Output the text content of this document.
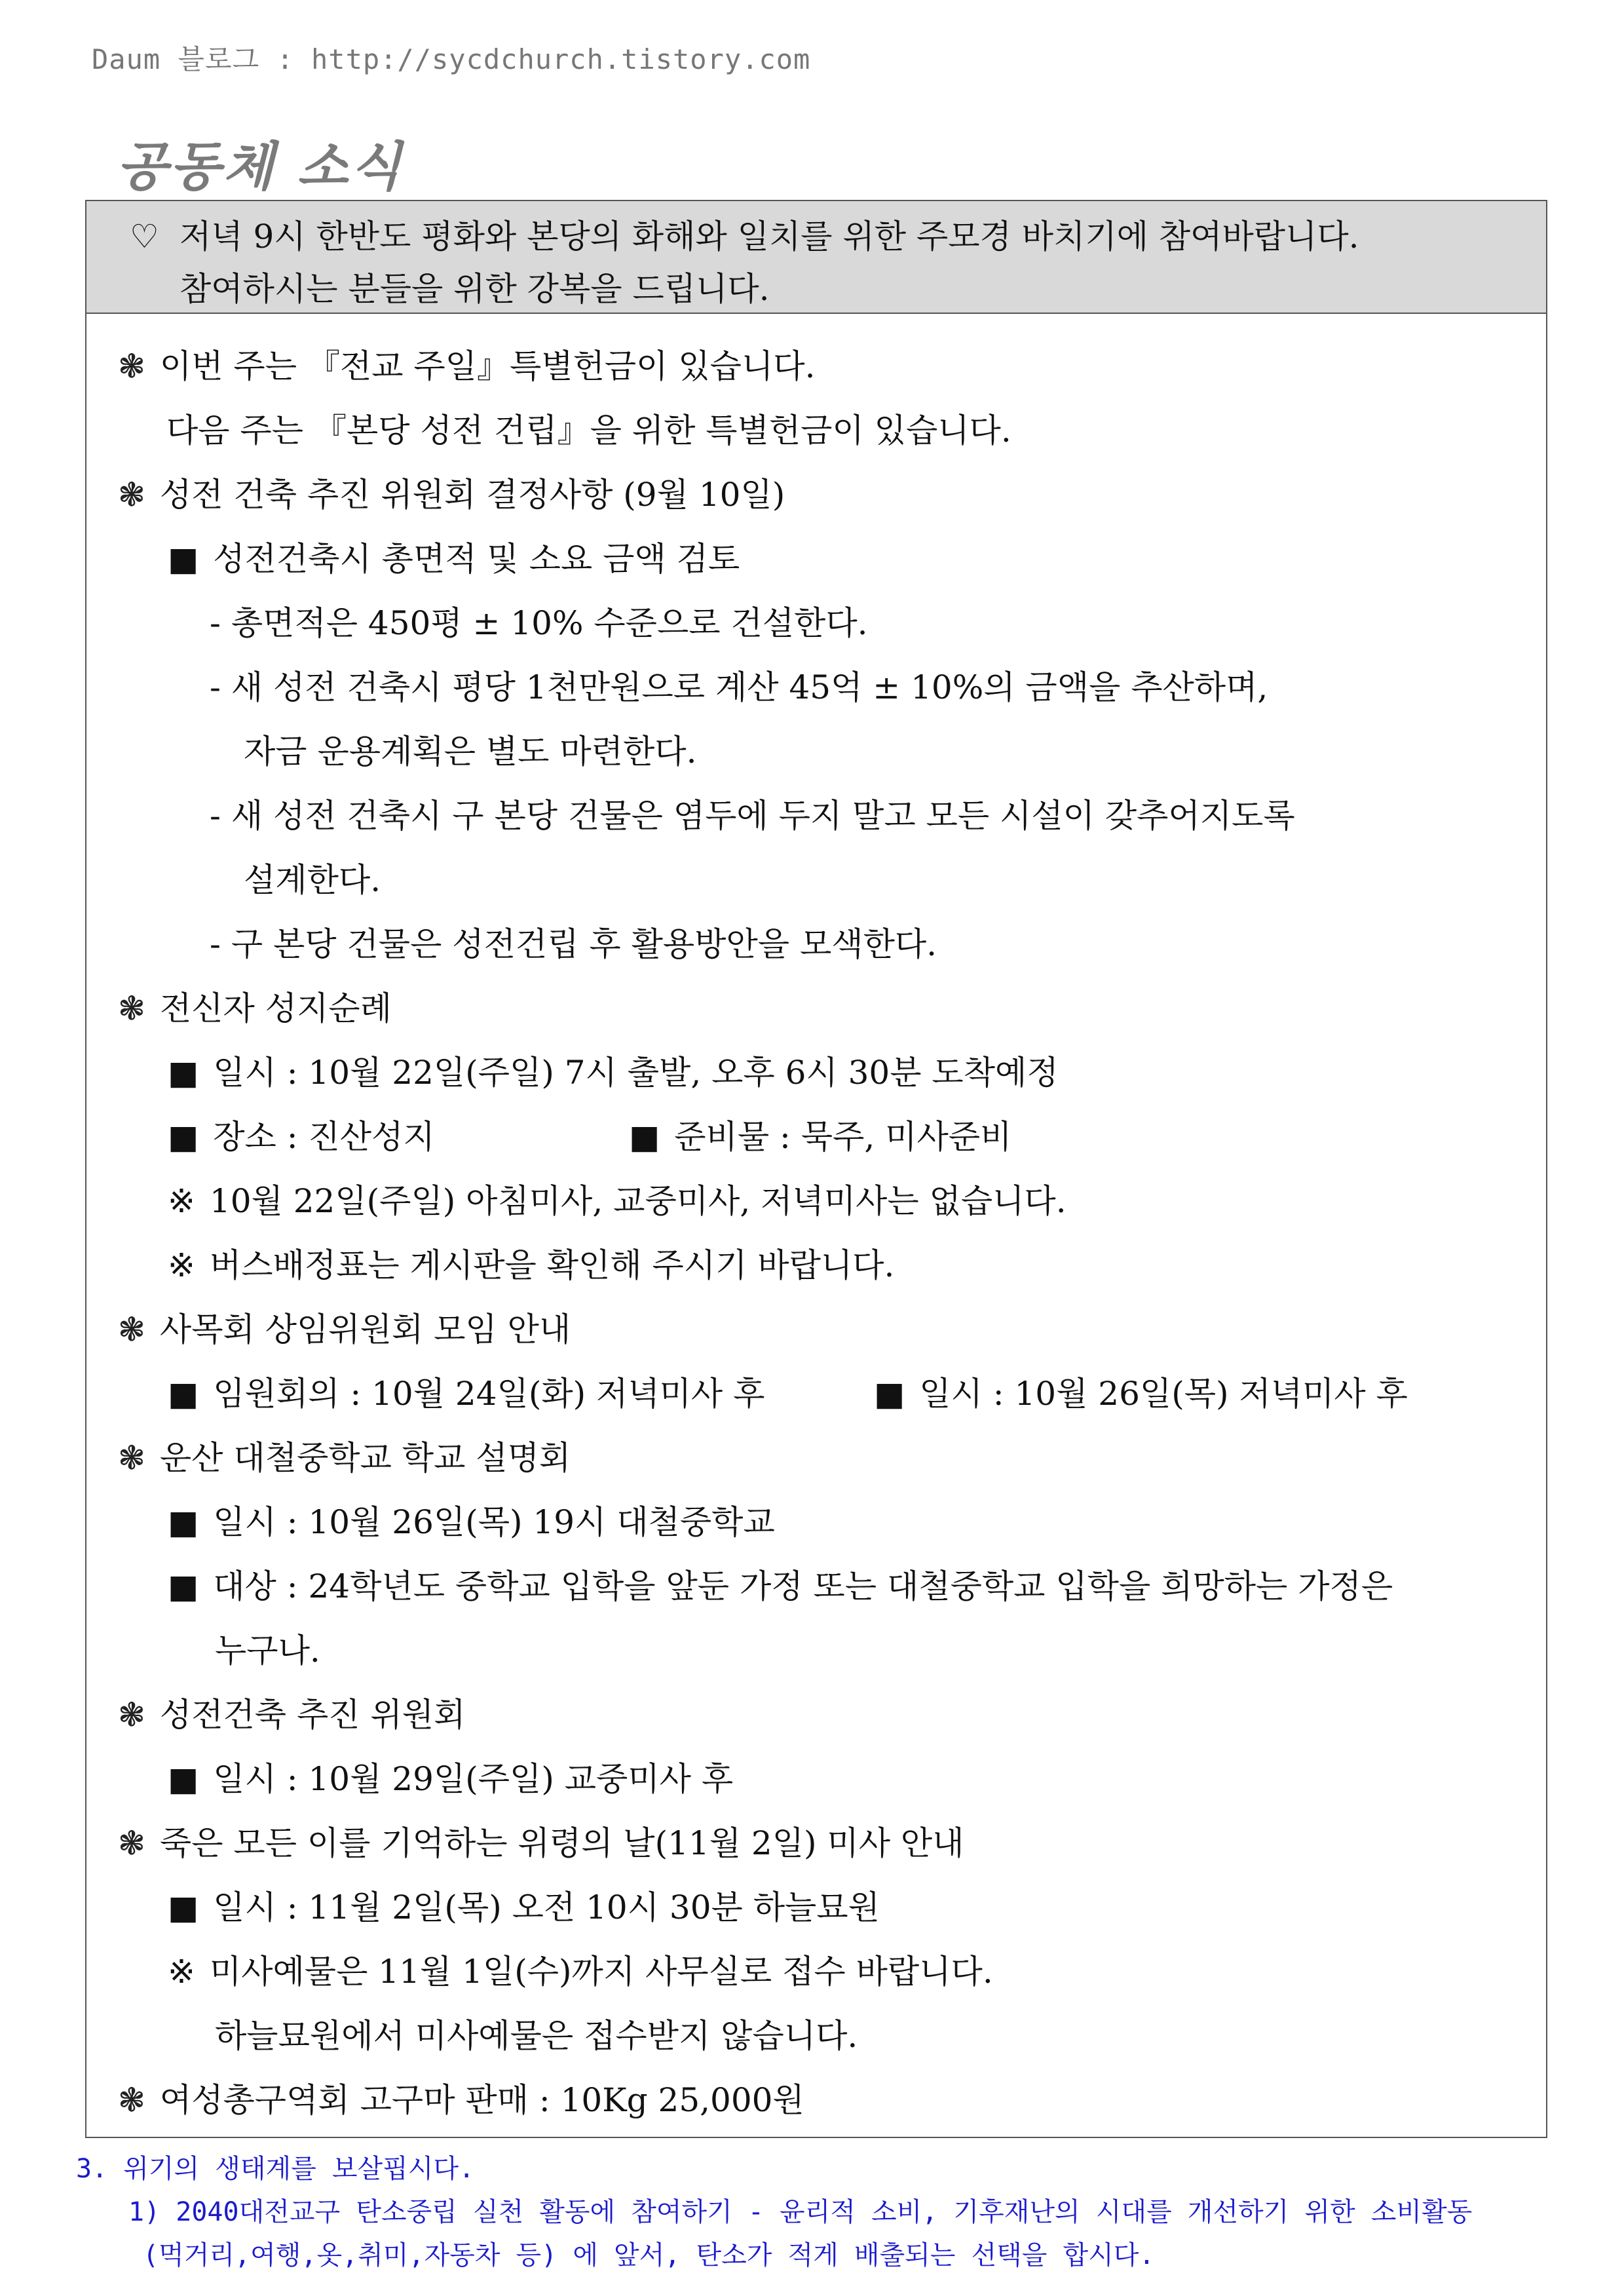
Daum 블로그 : http://sycdchurch.tistory.com
공동체 소식
♡ 저녁 9시 한반도 평화와 본당의 화해와 일치를 위한 주모경 바치기에 참여바랍니다.
참여하시는 분들을 위한 강복을 드립니다.
❃ 이번 주는 『전교 주일』특별헌금이 있습니다.
다음 주는 『본당 성전 건립』을 위한 특별헌금이 있습니다.
❃ 성전 건축 추진 위원회 결정사항 (9월 10일)
■ 성전건축시 총면적 및 소요 금액 검토
- 총면적은 450평 ± 10% 수준으로 건설한다.
- 새 성전 건축시 평당 1천만원으로 계산 45억 ± 10%의 금액을 추산하며,
자금 운용계획은 별도 마련한다.
- 새 성전 건축시 구 본당 건물은 염두에 두지 말고 모든 시설이 갖추어지도록
설계한다.
- 구 본당 건물은 성전건립 후 활용방안을 모색한다.
❃ 전신자 성지순례
■ 일시 : 10월 22일(주일) 7시 출발, 오후 6시 30분 도착예정
■ 장소 : 진산성지	■ 준비물 : 묵주, 미사준비
※ 10월 22일(주일) 아침미사, 교중미사, 저녁미사는 없습니다.
※ 버스배정표는 게시판을 확인해 주시기 바랍니다.
❃ 사목회 상임위원회 모임 안내
■ 임원회의 : 10월 24일(화) 저녁미사 후	■ 일시 : 10월 26일(목) 저녁미사 후
❃ 운산 대철중학교 학교 설명회
■ 일시 : 10월 26일(목) 19시 대철중학교
■ 대상 : 24학년도 중학교 입학을 앞둔 가정 또는 대철중학교 입학을 희망하는 가정은
누구나.
❃ 성전건축 추진 위원회
■ 일시 : 10월 29일(주일) 교중미사 후
❃ 죽은 모든 이를 기억하는 위령의 날(11월 2일) 미사 안내
■ 일시 : 11월 2일(목) 오전 10시 30분 하늘묘원
※ 미사예물은 11월 1일(수)까지 사무실로 접수 바랍니다.
하늘묘원에서 미사예물은 접수받지 않습니다.
❃ 여성총구역회 고구마 판매 : 10Kg 25,000원
3. 위기의 생태계를 보살핍시다.
1) 2040대전교구 탄소중립 실천 활동에 참여하기 - 윤리적 소비, 기후재난의 시대를 개선하기 위한 소비활동
(먹거리,여행,옷,취미,자동차 등) 에 앞서, 탄소가 적게 배출되는 선택을 합시다.
